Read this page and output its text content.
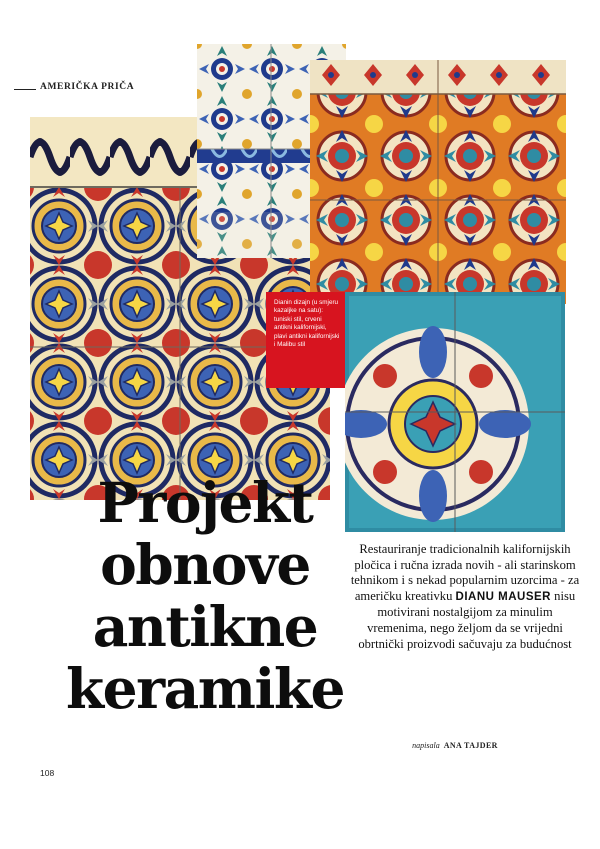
AMERIČKA PRIČA
Dianin dizajn (u smjeru kazaljke na satu): tuniski stil, crveni antikni kalifornijski, plavi antikni kalifornijski i Malibu stil
Projekt
obnove
antikne
keramike

Restauriranje tradicionalnih kalifornijskih pločica i ručna izrada novih - ali starinskom tehnikom i s nekad popularnim uzorcima - za američku kreativku DIANU MAUSER nisu motivirani nostalgijom za minulim vremenima, nego željom da se vrijedni obrtnički proizvodi sačuvaju za budućnost

napisala ANA TAJDER
108
